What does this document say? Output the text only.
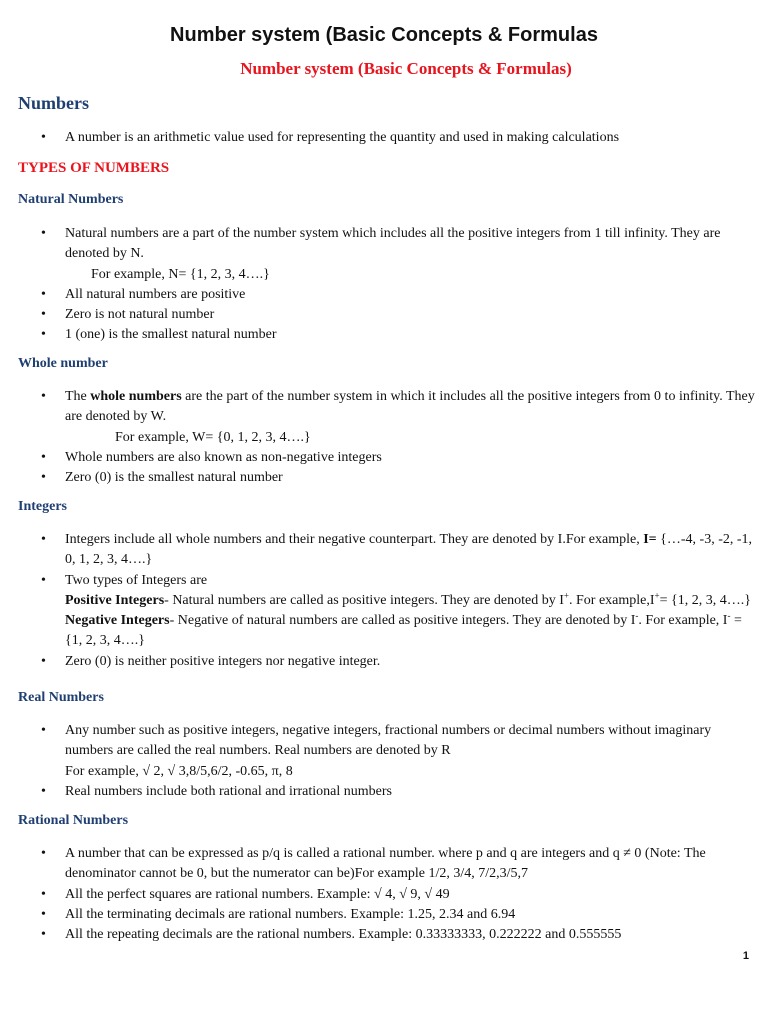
Number system (Basic Concepts & Formulas
Number system (Basic Concepts & Formulas)
Numbers
• A number is an arithmetic value used for representing the quantity and used in making calculations
TYPES OF NUMBERS
Natural Numbers
• Natural numbers are a part of the number system which includes all the positive integers from 1 till infinity. They are denoted by N.
For example, N= {1, 2, 3, 4….}
• All natural numbers are positive
• Zero is not natural number
• 1 (one) is the smallest natural number
Whole number
• The whole numbers are the part of the number system in which it includes all the positive integers from 0 to infinity. They are denoted by W.
For example, W= {0, 1, 2, 3, 4….}
• Whole numbers are also known as non-negative integers
• Zero (0) is the smallest natural number
Integers
• Integers include all whole numbers and their negative counterpart. They are denoted by I.For example, I= {…-4, -3, -2, -1, 0, 1, 2, 3, 4….}
• Two types of Integers are
Positive Integers- Natural numbers are called as positive integers. They are denoted by I+. For example,I+= {1, 2, 3, 4….}
Negative Integers- Negative of natural numbers are called as positive integers. They are denoted by I-. For example, I- = {1, 2, 3, 4….}
• Zero (0) is neither positive integers nor negative integer.
Real Numbers
• Any number such as positive integers, negative integers, fractional numbers or decimal numbers without imaginary numbers are called the real numbers. Real numbers are denoted by R
For example, √ 2, √ 3,8/5,6/2, -0.65, π, 8
• Real numbers include both rational and irrational numbers
Rational Numbers
• A number that can be expressed as p/q is called a rational number. where p and q are integers and q ≠ 0 (Note: The denominator cannot be 0, but the numerator can be)For example 1/2, 3/4, 7/2,3/5,7
• All the perfect squares are rational numbers. Example: √ 4, √ 9, √ 49
• All the terminating decimals are rational numbers. Example: 1.25, 2.34 and 6.94
• All the repeating decimals are the rational numbers. Example: 0.33333333, 0.222222 and 0.555555
1
